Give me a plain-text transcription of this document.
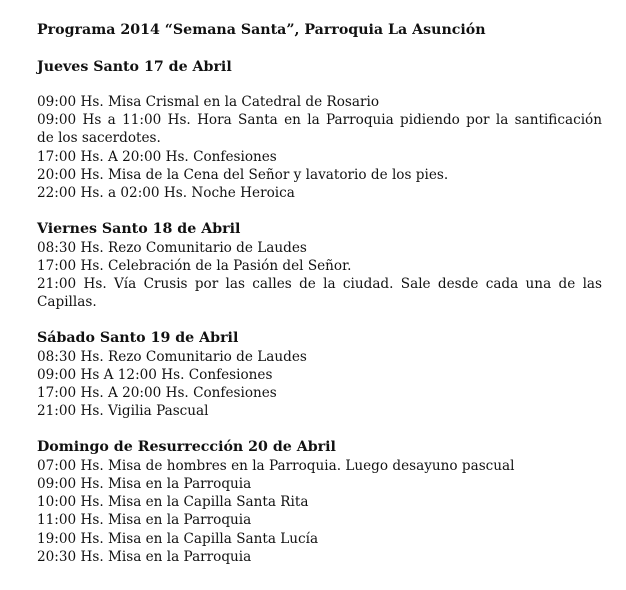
Programa 2014 “Semana Santa”, Parroquia La Asunción
Jueves Santo 17 de Abril
09:00 Hs. Misa Crismal en la Catedral de Rosario
09:00 Hs a 11:00 Hs. Hora Santa en la Parroquia pidiendo por la santificación
de los sacerdotes.
17:00 Hs. A 20:00 Hs. Confesiones
20:00 Hs. Misa de la Cena del Señor y lavatorio de los pies.
22:00 Hs. a 02:00 Hs. Noche Heroica
Viernes Santo 18 de Abril
08:30 Hs. Rezo Comunitario de Laudes
17:00 Hs. Celebración de la Pasión del Señor.
21:00 Hs. Vía Crusis por las calles de la ciudad. Sale desde cada una de las
Capillas.
Sábado Santo 19 de Abril
08:30 Hs. Rezo Comunitario de Laudes
09:00 Hs A 12:00 Hs. Confesiones
17:00 Hs. A 20:00 Hs. Confesiones
21:00 Hs. Vigilia Pascual
Domingo de Resurrección 20 de Abril
07:00 Hs. Misa de hombres en la Parroquia. Luego desayuno pascual
09:00 Hs. Misa en la Parroquia
10:00 Hs. Misa en la Capilla Santa Rita
11:00 Hs. Misa en la Parroquia
19:00 Hs. Misa en la Capilla Santa Lucía
20:30 Hs. Misa en la Parroquia
